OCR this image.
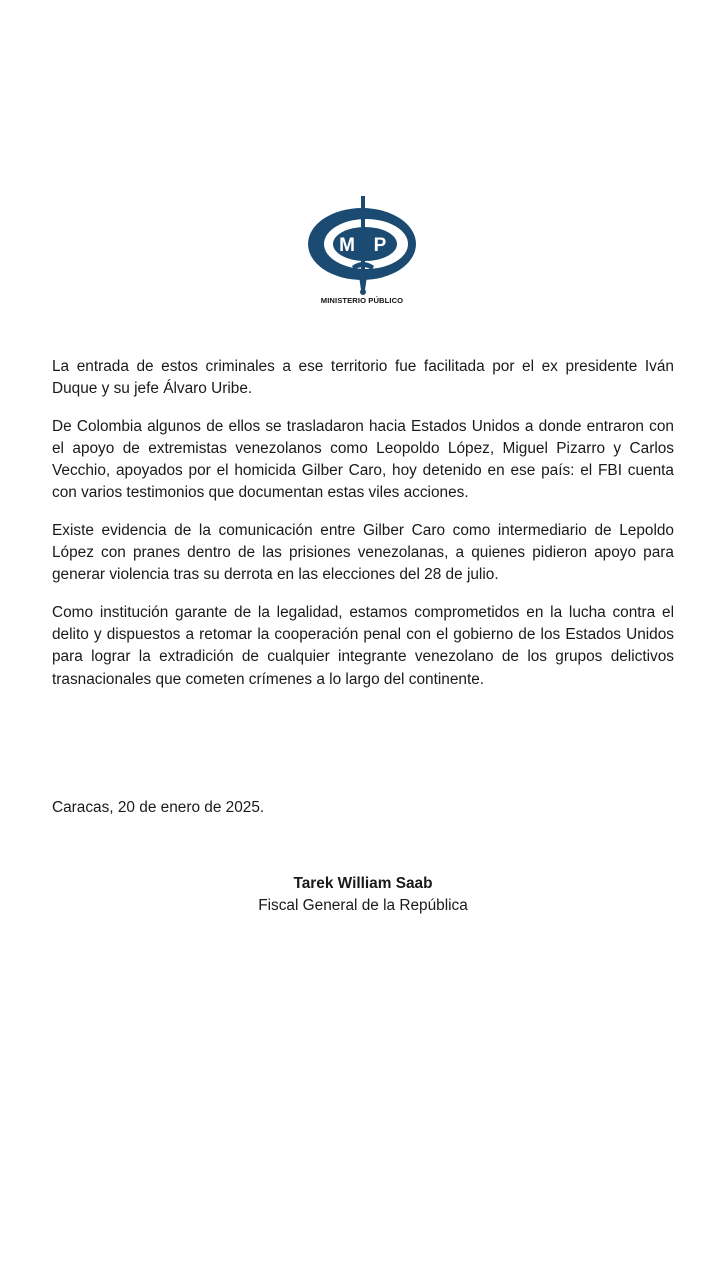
M P
MINISTERIO PÚBLICO

La entrada de estos criminales a ese territorio fue facilitada por el ex presidente Iván Duque y su jefe Álvaro Uribe.

De Colombia algunos de ellos se trasladaron hacia Estados Unidos a donde entraron con el apoyo de extremistas venezolanos como Leopoldo López, Miguel Pizarro y Carlos Vecchio, apoyados por el homicida Gilber Caro, hoy detenido en ese país: el FBI cuenta con varios testimonios que documentan estas viles acciones.

Existe evidencia de la comunicación entre Gilber Caro como intermediario de Lepoldo López con pranes dentro de las prisiones venezolanas, a quienes pidieron apoyo para generar violencia tras su derrota en las elecciones del 28 de julio.

Como institución garante de la legalidad, estamos comprometidos en la lucha contra el delito y dispuestos a retomar la cooperación penal con el gobierno de los Estados Unidos para lograr la extradición de cualquier integrante venezolano de los grupos delictivos trasnacionales que cometen crímenes a lo largo del continente.

Caracas, 20 de enero de 2025.
Tarek William Saab
Fiscal General de la República
